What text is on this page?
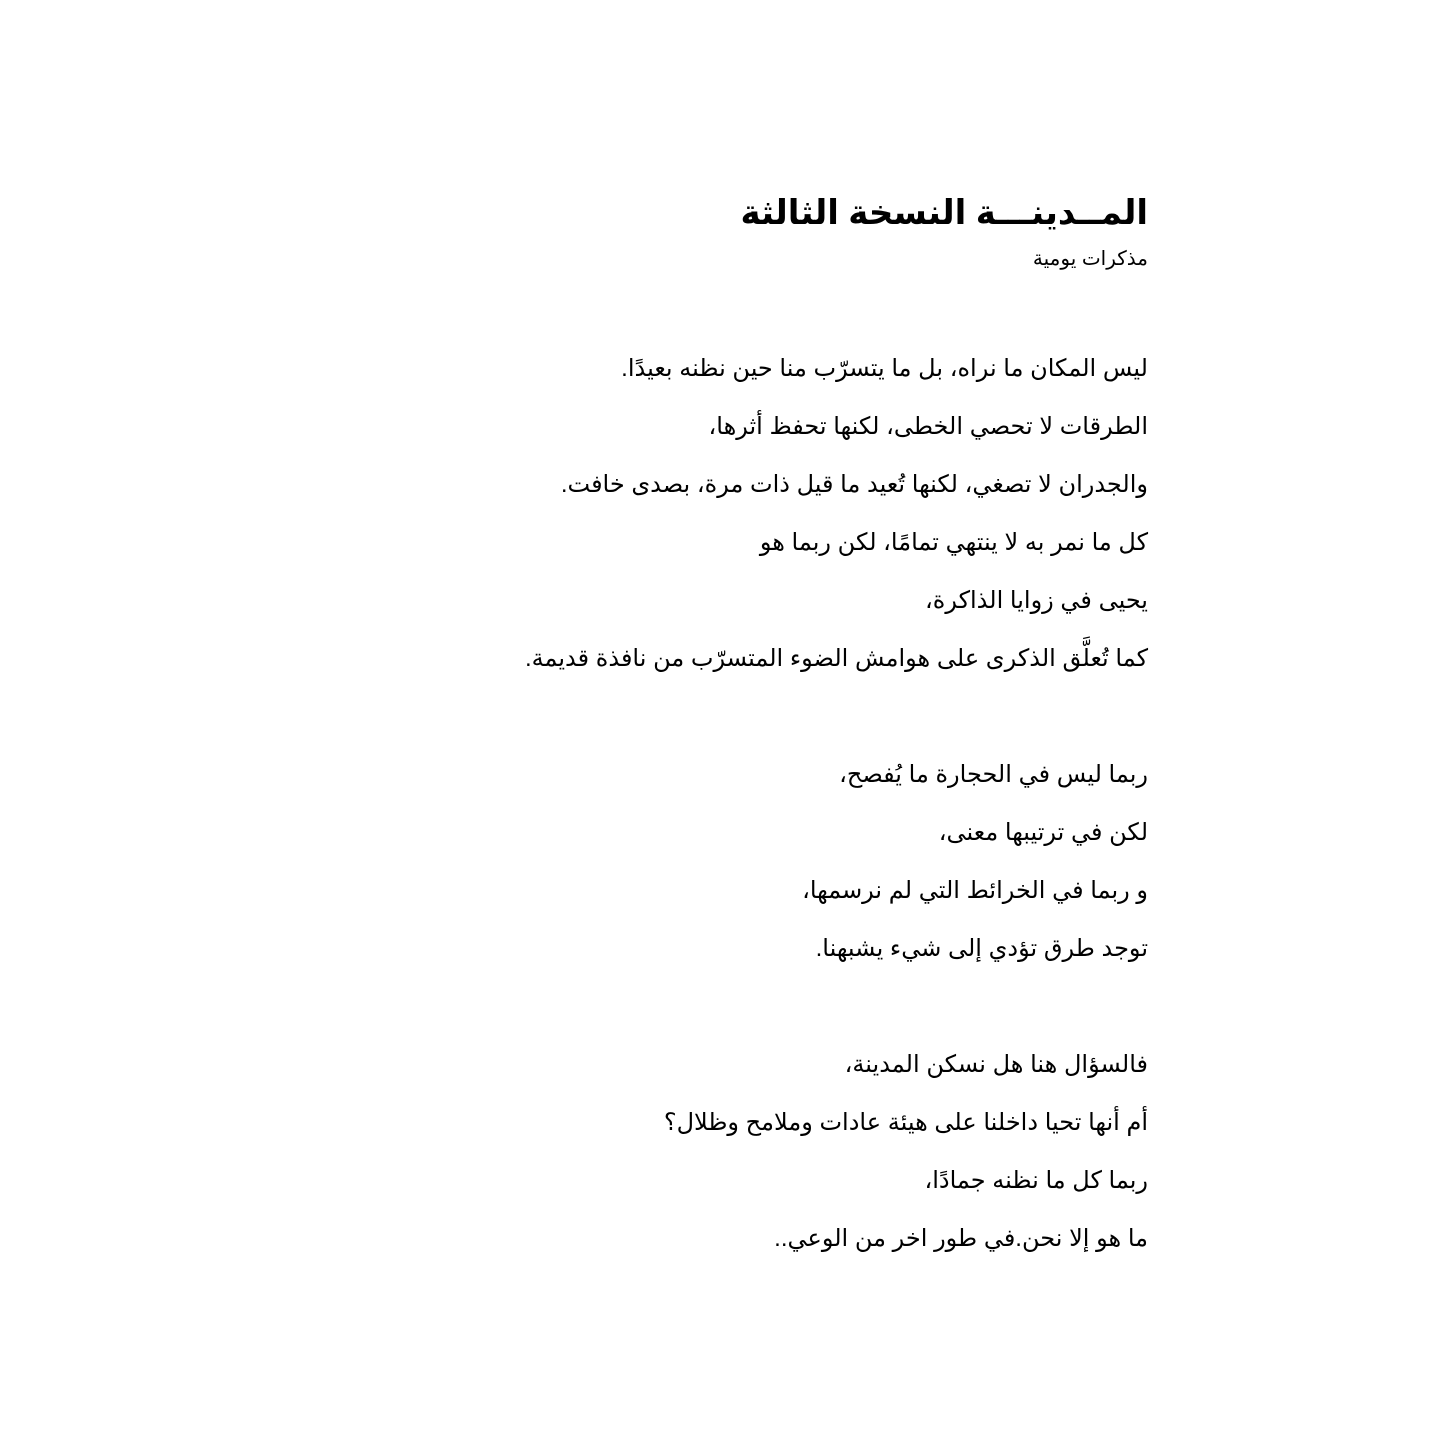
المــدينـــة النسخة الثالثة
مذكرات يومية
ليس المكان ما نراه، بل ما يتسرّب منا حين نظنه بعيدًا.
الطرقات لا تحصي الخطى، لكنها تحفظ أثرها،
والجدران لا تصغي، لكنها تُعيد ما قيل ذات مرة، بصدى خافت.
كل ما نمر به لا ينتهي تمامًا، لكن ربما هو
يحيى في زوايا الذاكرة،
كما تُعلَّق الذكرى على هوامش الضوء المتسرّب من نافذة قديمة.
ربما ليس في الحجارة ما يُفصح،
لكن في ترتيبها معنى،
و ربما في الخرائط التي لم نرسمها،
توجد طرق تؤدي إلى شيء يشبهنا.
فالسؤال هنا هل نسكن المدينة،
أم أنها تحيا داخلنا على هيئة عادات وملامح وظلال؟
ربما كل ما نظنه جمادًا،
ما هو إلا نحن.في طور اخر من الوعي..
